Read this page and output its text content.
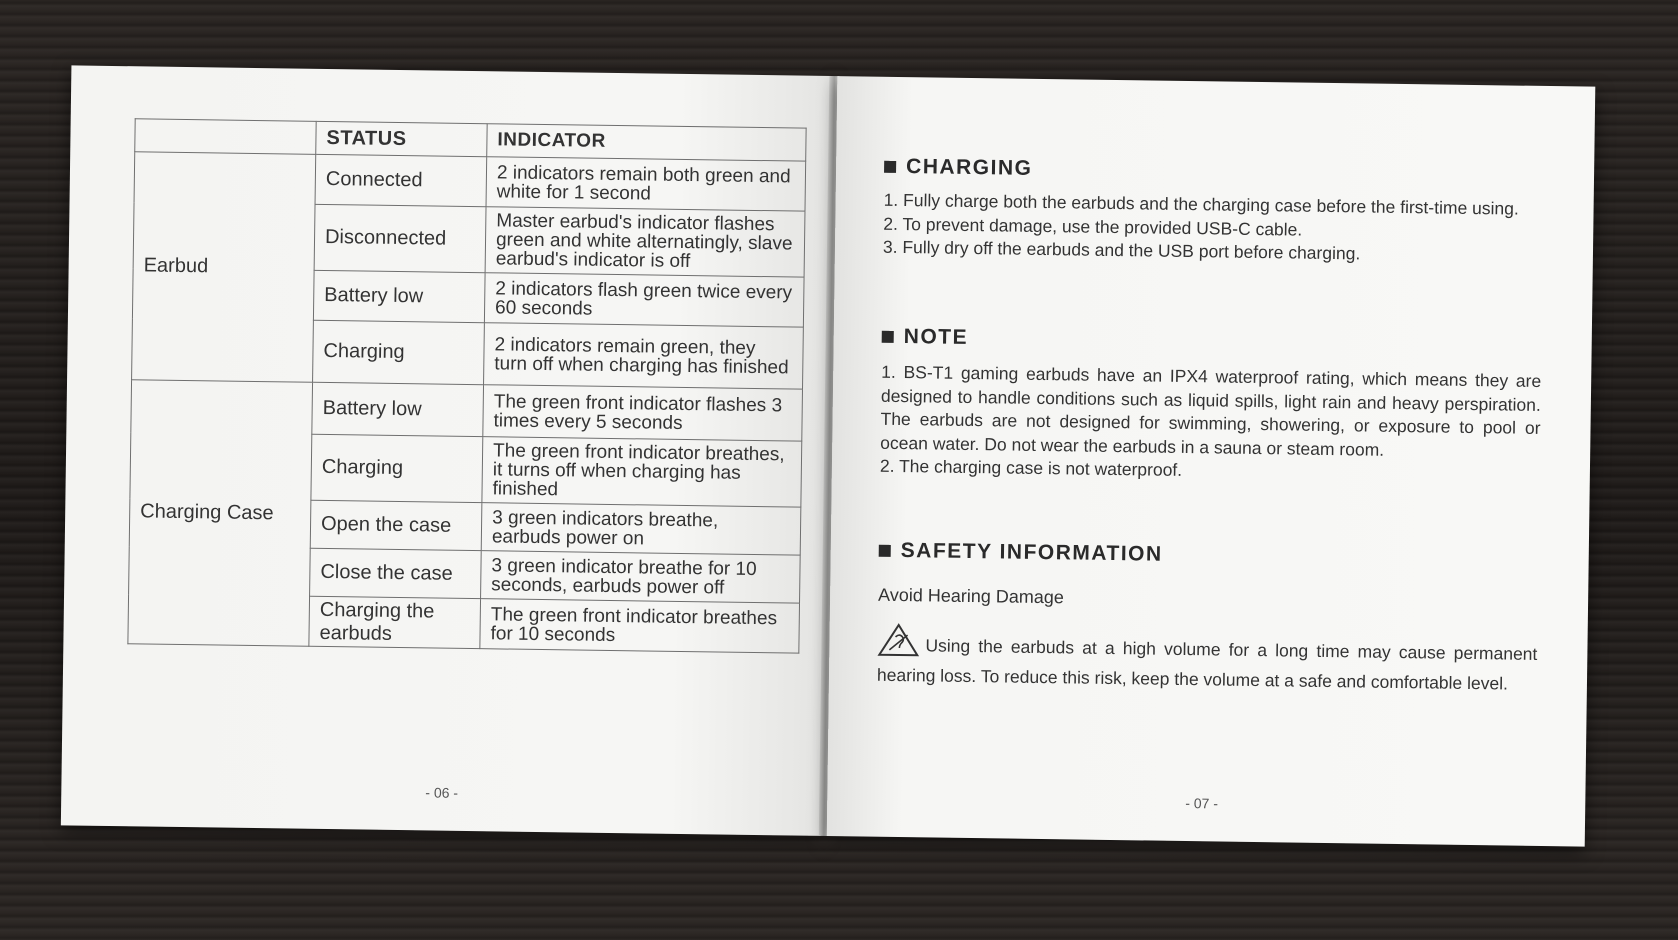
	STATUS	INDICATOR
Earbud	Connected	2 indicators remain both green and white for 1 second
	Disconnected	Master earbud's indicator flashes green and white alternatingly, slave earbud's indicator is off
	Battery low	2 indicators flash green twice every 60 seconds
	Charging	2 indicators remain green, they turn off when charging has finished
Charging Case	Battery low	The green front indicator flashes 3 times every 5 seconds
	Charging	The green front indicator breathes, it turns off when charging has finished
	Open the case	3 green indicators breathe, earbuds power on
	Close the case	3 green indicator breathe for 10 seconds, earbuds power off
	Charging the earbuds	The green front indicator breathes for 10 seconds
- 06 -
CHARGING

1. Fully charge both the earbuds and the charging case before the first-time using.

2. To prevent damage, use the provided USB-C cable.

3. Fully dry off the earbuds and the USB port before charging.

NOTE

1. BS-T1 gaming earbuds have an IPX4 waterproof rating, which means they are designed to handle conditions such as liquid spills, light rain and heavy perspiration. The earbuds are not designed for swimming, showering, or exposure to pool or ocean water. Do not wear the earbuds in a sauna or steam room.

2. The charging case is not waterproof.

SAFETY INFORMATION
Avoid Hearing Damage
Using the earbuds at a high volume for a long time may cause permanent hearing loss. To reduce this risk, keep the volume at a safe and comfortable level.
- 07 -
